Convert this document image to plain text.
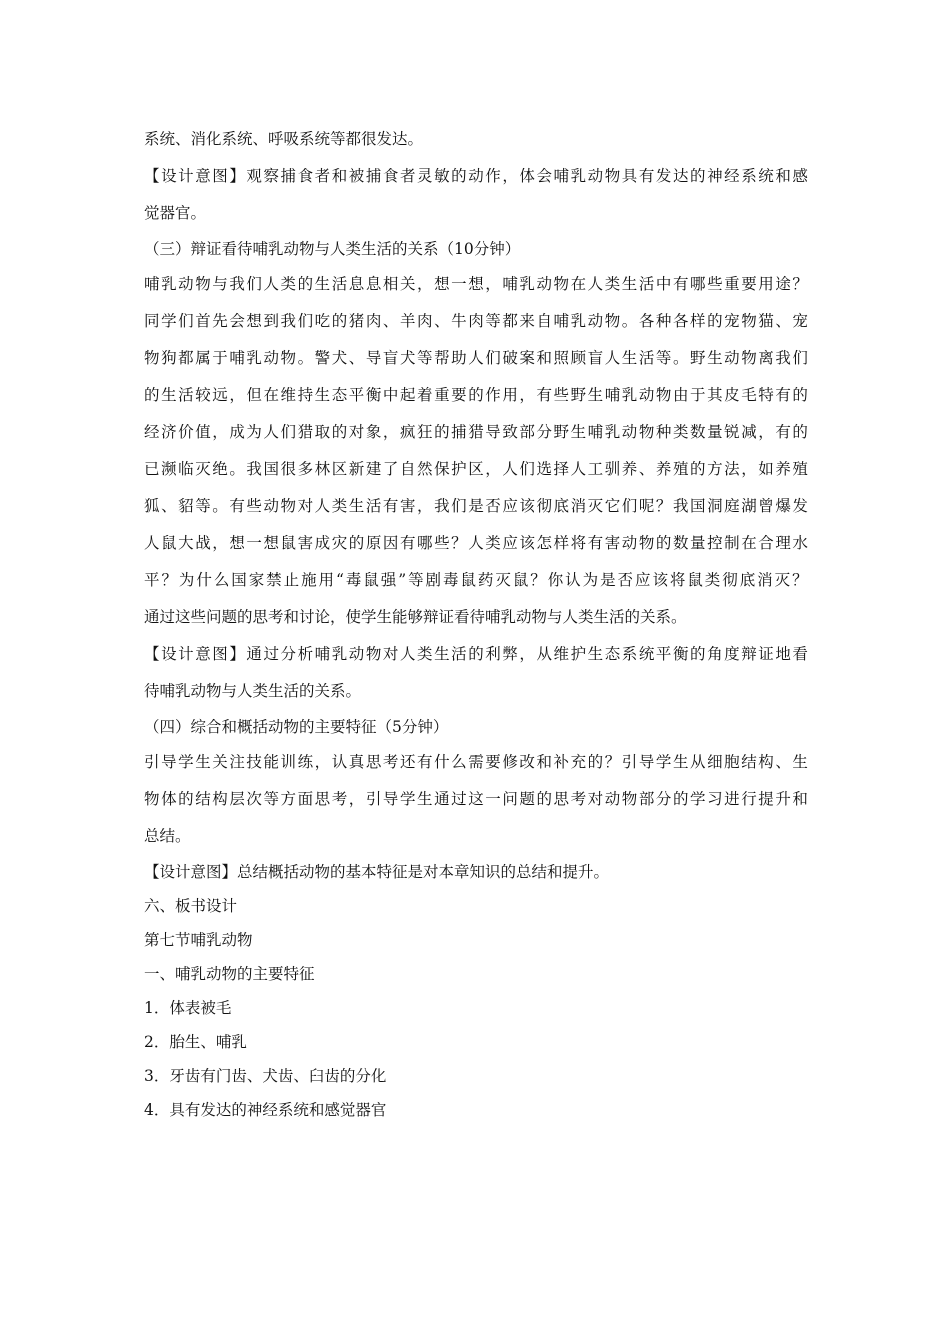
系统、消化系统、呼吸系统等都很发达。

【 设 计 意 图 】 观 察 捕 食 者 和 被 捕 食 者 灵 敏 的 动 作 ， 体 会 哺 乳 动 物 具 有 发 达 的 神 经 系 统 和 感

觉器官。

（三）辩证看待哺乳动物与人类生活的关系（10分钟）

哺 乳 动 物 与 我 们 人 类 的 生 活 息 息 相 关 ， 想 一 想 ， 哺 乳 动 物 在 人 类 生 活 中 有 哪 些 重 要 用 途 ？

同 学 们 首 先 会 想 到 我 们 吃 的 猪 肉 、 羊 肉 、 牛 肉 等 都 来 自 哺 乳 动 物 。 各 种 各 样 的 宠 物 猫 、 宠

物 狗 都 属 于 哺 乳 动 物 。 警 犬 、 导 盲 犬 等 帮 助 人 们 破 案 和 照 顾 盲 人 生 活 等 。 野 生 动 物 离 我 们

的 生 活 较 远 ， 但 在 维 持 生 态 平 衡 中 起 着 重 要 的 作 用 ， 有 些 野 生 哺 乳 动 物 由 于 其 皮 毛 特 有 的

经 济 价 值 ， 成 为 人 们 猎 取 的 对 象 ， 疯 狂 的 捕 猎 导 致 部 分 野 生 哺 乳 动 物 种 类 数 量 锐 减 ， 有 的

已 濒 临 灭 绝 。 我 国 很 多 林 区 新 建 了 自 然 保 护 区 ， 人 们 选 择 人 工 驯 养 、 养 殖 的 方 法 ， 如 养 殖

狐 、 貂 等 。 有 些 动 物 对 人 类 生 活 有 害 ， 我 们 是 否 应 该 彻 底 消 灭 它 们 呢 ？ 我 国 洞 庭 湖 曾 爆 发

人 鼠 大 战 ， 想 一 想 鼠 害 成 灾 的 原 因 有 哪 些 ？ 人 类 应 该 怎 样 将 有 害 动 物 的 数 量 控 制 在 合 理 水

平 ？ 为 什 么 国 家 禁 止 施 用 “ 毒 鼠 强 ” 等 剧 毒 鼠 药 灭 鼠 ？ 你 认 为 是 否 应 该 将 鼠 类 彻 底 消 灭 ？

通过这些问题的思考和讨论，使学生能够辩证看待哺乳动物与人类生活的关系。

【 设 计 意 图 】 通 过 分 析 哺 乳 动 物 对 人 类 生 活 的 利 弊 ， 从 维 护 生 态 系 统 平 衡 的 角 度 辩 证 地 看

待哺乳动物与人类生活的关系。

（四）综合和概括动物的主要特征（5分钟）

引 导 学 生 关 注 技 能 训 练 ， 认 真 思 考 还 有 什 么 需 要 修 改 和 补 充 的 ？ 引 导 学 生 从 细 胞 结 构 、 生

物 体 的 结 构 层 次 等 方 面 思 考 ， 引 导 学 生 通 过 这 一 问 题 的 思 考 对 动 物 部 分 的 学 习 进 行 提 升 和

总结。

【设计意图】总结概括动物的基本特征是对本章知识的总结和提升。

六、板书设计

第七节哺乳动物

一、哺乳动物的主要特征

1．体表被毛

2．胎生、哺乳

3．牙齿有门齿、犬齿、臼齿的分化

4．具有发达的神经系统和感觉器官
